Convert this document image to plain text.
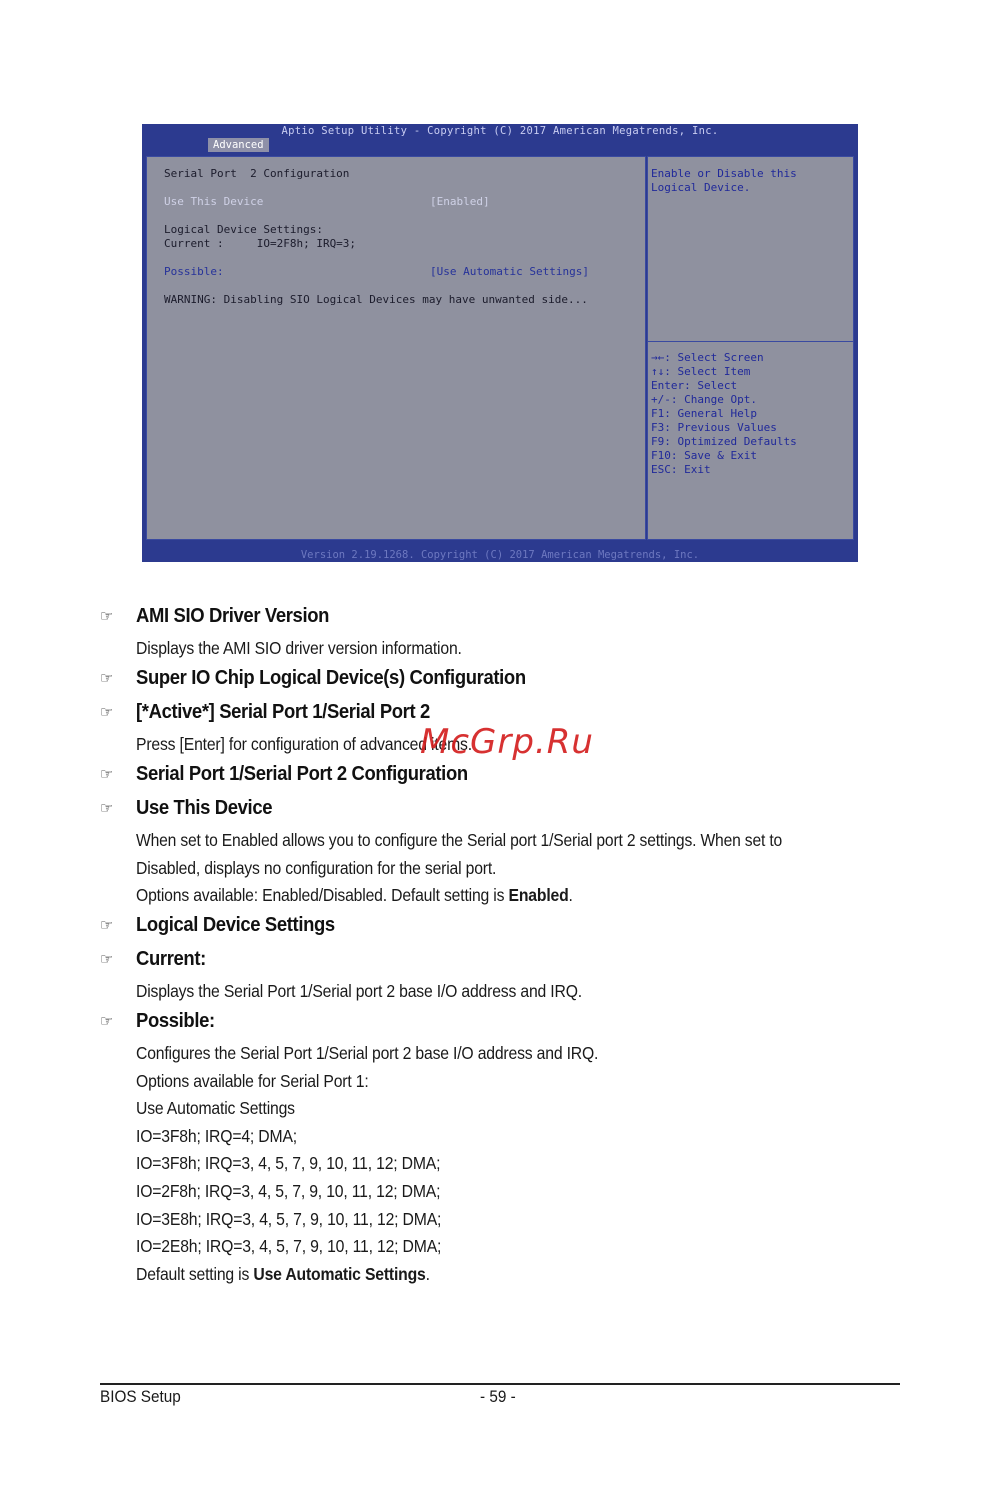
Aptio Setup Utility - Copyright (C) 2017 American Megatrends, Inc.
Advanced
Serial Port  2 Configuration
Use This Device	[Enabled]
Logical Device Settings:
Current :     IO=2F8h; IRQ=3;
Possible:	[Use Automatic Settings]
WARNING: Disabling SIO Logical Devices may have unwanted side...
Enable or Disable this
Logical Device.
→←: Select Screen
↑↓: Select Item
Enter: Select
+/-: Change Opt.
F1: General Help
F3: Previous Values
F9: Optimized Defaults
F10: Save & Exit
ESC: Exit
Version 2.19.1268. Copyright (C) 2017 American Megatrends, Inc.
☞	AMI SIO Driver Version

Displays the AMI SIO driver version information.

☞	Super IO Chip Logical Device(s) Configuration
☞	[*Active*] Serial Port 1/Serial Port 2

Press [Enter] for configuration of advanced items.

☞	Serial Port 1/Serial Port 2 Configuration
☞	Use This Device

When set to Enabled allows you to configure the Serial port 1/Serial port 2 settings. When set to

Disabled, displays no configuration for the serial port.

Options available: Enabled/Disabled. Default setting is Enabled.

☞	Logical Device Settings
☞	Current:

Displays the Serial Port 1/Serial port 2 base I/O address and IRQ.

☞	Possible:

Configures the Serial Port 1/Serial port 2 base I/O address and IRQ.

Options available for Serial Port 1:

Use Automatic Settings

IO=3F8h; IRQ=4; DMA;

IO=3F8h; IRQ=3, 4, 5, 7, 9, 10, 11, 12; DMA;

IO=2F8h; IRQ=3, 4, 5, 7, 9, 10, 11, 12; DMA;

IO=3E8h; IRQ=3, 4, 5, 7, 9, 10, 11, 12; DMA;

IO=2E8h; IRQ=3, 4, 5, 7, 9, 10, 11, 12; DMA;

Default setting is Use Automatic Settings.

McGrp.Ru
BIOS Setup	- 59 -
